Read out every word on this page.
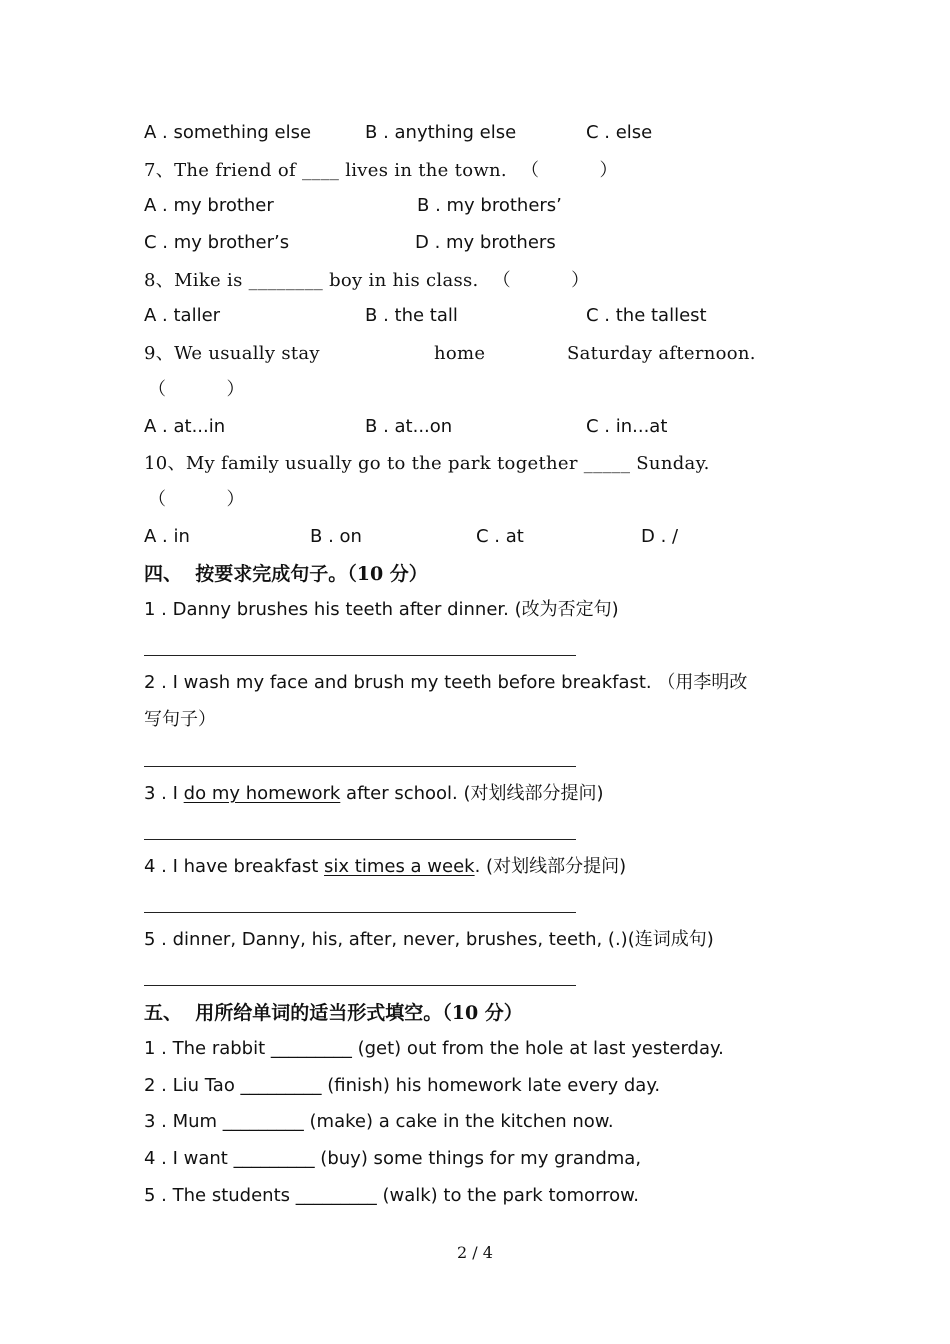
A . something else	B . anything else	C . else
7、The friend of ____ lives in the town. （          ）
A . my brother	B . my brothers’
C . my brother’s	D . my brothers
8、Mike is ________ boy in his class. （          ）
A . taller	B . the tall	C . the tallest
9、We usually stay	home	Saturday afternoon.
（          ）
A . at...in	B . at...on	C . in...at
10、My family usually go to the park together _____ Sunday.
（          ）
A . in	B . on	C . at	D . /
四、  按要求完成句子。（10 分）
1 . Danny brushes his teeth after dinner. (改为否定句)
2 . I wash my face and brush my teeth before breakfast. （用李明改
写句子）
3 . I do my homework after school. (对划线部分提问)
4 . I have breakfast six times a week. (对划线部分提问)
5 . dinner, Danny, his, after, never, brushes, teeth, (.)(连词成句)
五、  用所给单词的适当形式填空。（10 分）
1 . The rabbit _________ (get) out from the hole at last yesterday.
2 . Liu Tao _________ (finish) his homework late every day.
3 . Mum _________ (make) a cake in the kitchen now.
4 . I want _________ (buy) some things for my grandma,
5 . The students _________ (walk) to the park tomorrow.
2 / 4
